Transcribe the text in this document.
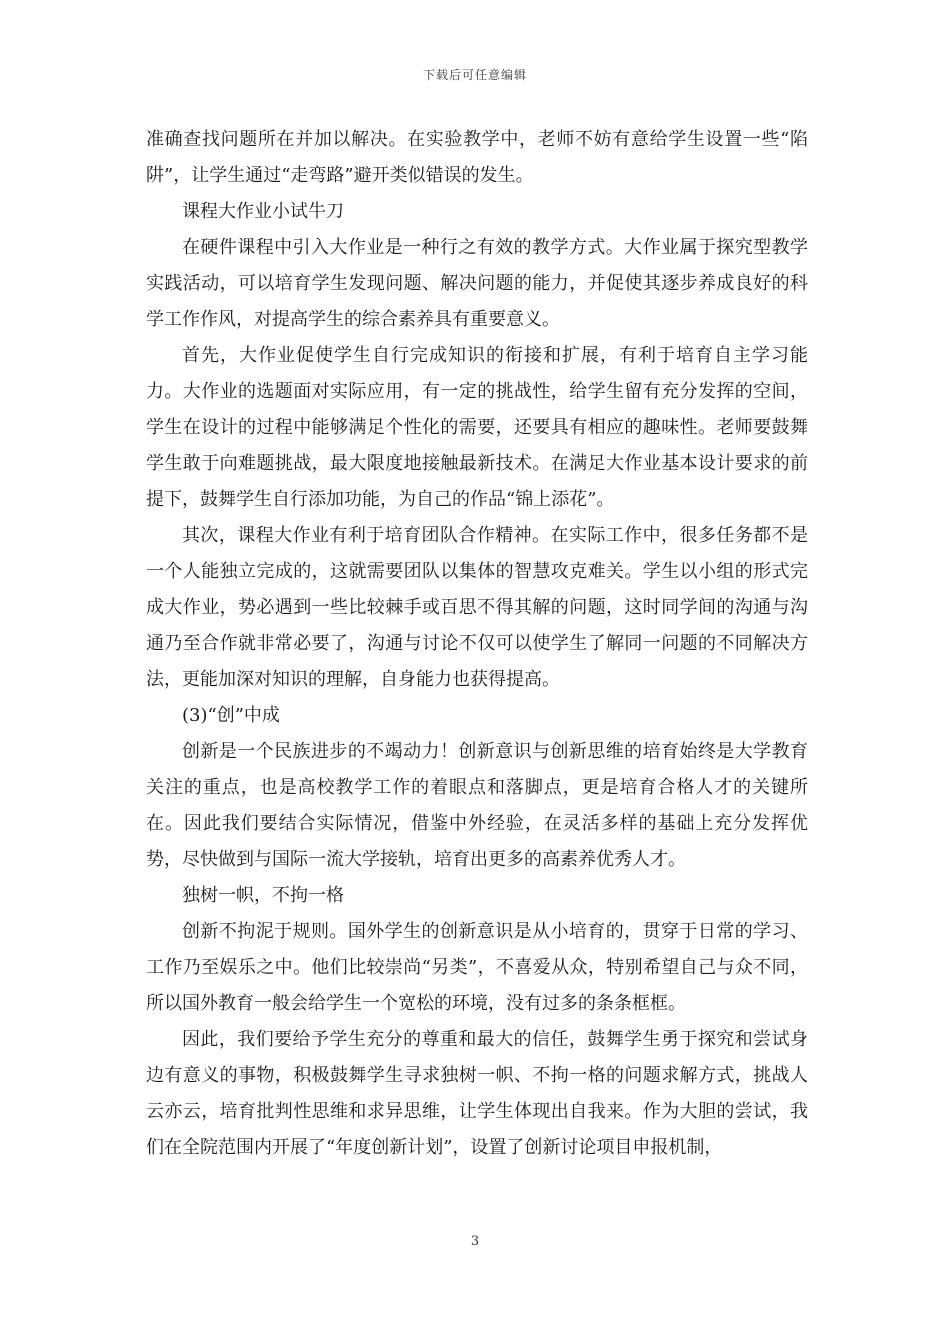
下载后可任意编辑

准确查找问题所在并加以解决。在实验教学中，老师不妨有意给学生设置一些“陷阱”，让学生通过“走弯路”避开类似错误的发生。

课程大作业小试牛刀

在硬件课程中引入大作业是一种行之有效的教学方式。大作业属于探究型教学实践活动，可以培育学生发现问题、解决问题的能力，并促使其逐步养成良好的科学工作作风，对提高学生的综合素养具有重要意义。

首先，大作业促使学生自行完成知识的衔接和扩展，有利于培育自主学习能力。大作业的选题面对实际应用，有一定的挑战性，给学生留有充分发挥的空间，学生在设计的过程中能够满足个性化的需要，还要具有相应的趣味性。老师要鼓舞学生敢于向难题挑战，最大限度地接触最新技术。在满足大作业基本设计要求的前提下，鼓舞学生自行添加功能，为自己的作品“锦上添花”。

其次，课程大作业有利于培育团队合作精神。在实际工作中，很多任务都不是一个人能独立完成的，这就需要团队以集体的智慧攻克难关。学生以小组的形式完成大作业，势必遇到一些比较棘手或百思不得其解的问题，这时同学间的沟通与沟通乃至合作就非常必要了，沟通与讨论不仅可以使学生了解同一问题的不同解决方法，更能加深对知识的理解，自身能力也获得提高。

(3)“创”中成

创新是一个民族进步的不竭动力！创新意识与创新思维的培育始终是大学教育关注的重点，也是高校教学工作的着眼点和落脚点，更是培育合格人才的关键所在。因此我们要结合实际情况，借鉴中外经验，在灵活多样的基础上充分发挥优势，尽快做到与国际一流大学接轨，培育出更多的高素养优秀人才。

独树一帜，不拘一格

创新不拘泥于规则。国外学生的创新意识是从小培育的，贯穿于日常的学习、工作乃至娱乐之中。他们比较崇尚“另类”，不喜爱从众，特别希望自己与众不同，所以国外教育一般会给学生一个宽松的环境，没有过多的条条框框。

因此，我们要给予学生充分的尊重和最大的信任，鼓舞学生勇于探究和尝试身边有意义的事物，积极鼓舞学生寻求独树一帜、不拘一格的问题求解方式，挑战人云亦云，培育批判性思维和求异思维，让学生体现出自我来。作为大胆的尝试，我们在全院范围内开展了“年度创新计划”，设置了创新讨论项目申报机制，

3
